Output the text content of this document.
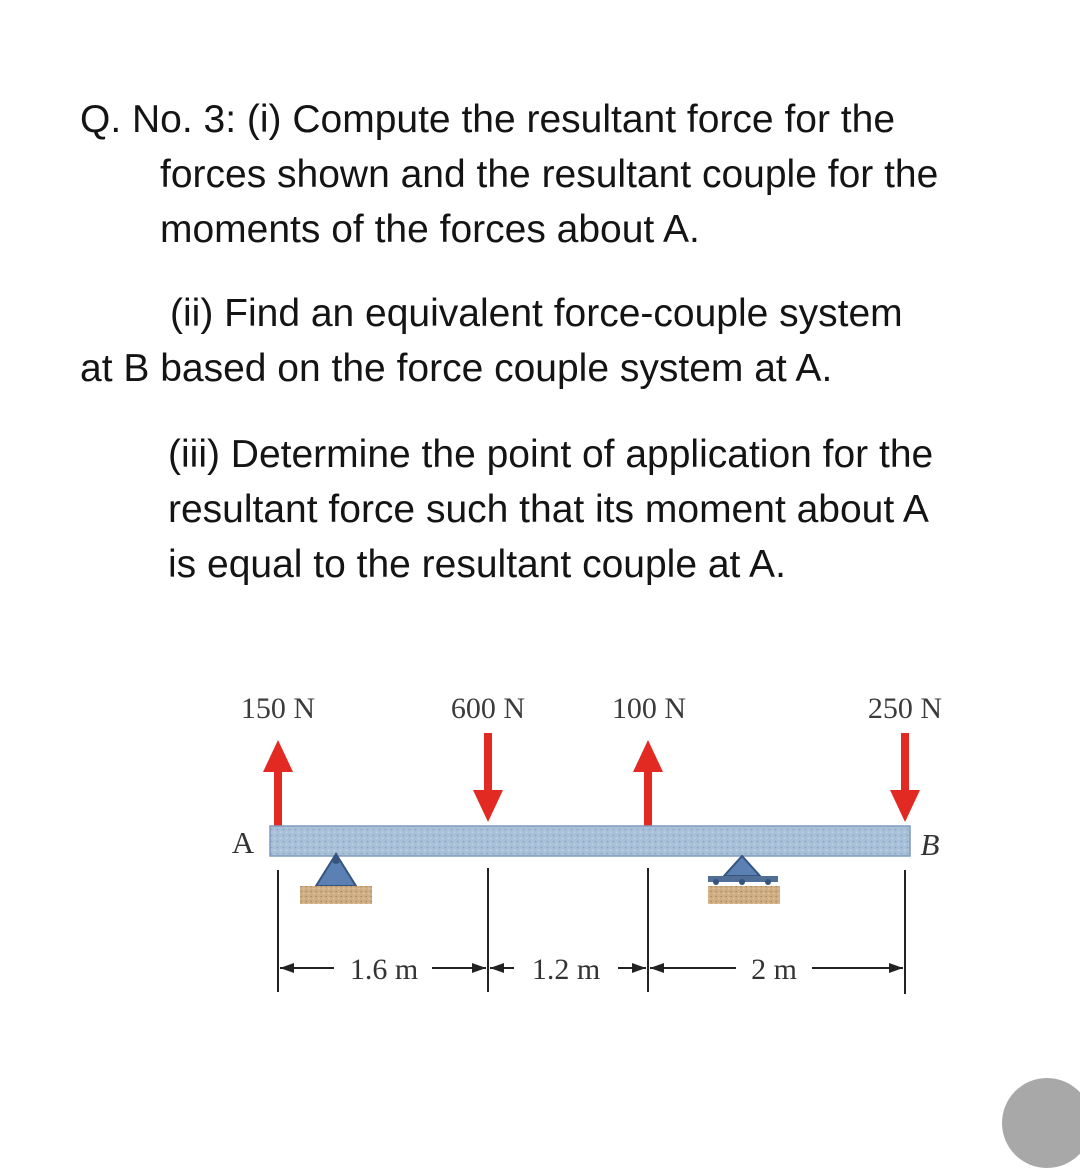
Q. No. 3: (i) Compute the resultant force for the
forces shown and the resultant couple for the
moments of the forces about A.
(ii) Find an equivalent force-couple system
at B based on the force couple system at A.
(iii) Determine the point of application for the
resultant force such that its moment about A
is equal to the resultant couple at A.
150 N	600 N	100 N	250 N
A	B
1.6 m	1.2 m	2 m
